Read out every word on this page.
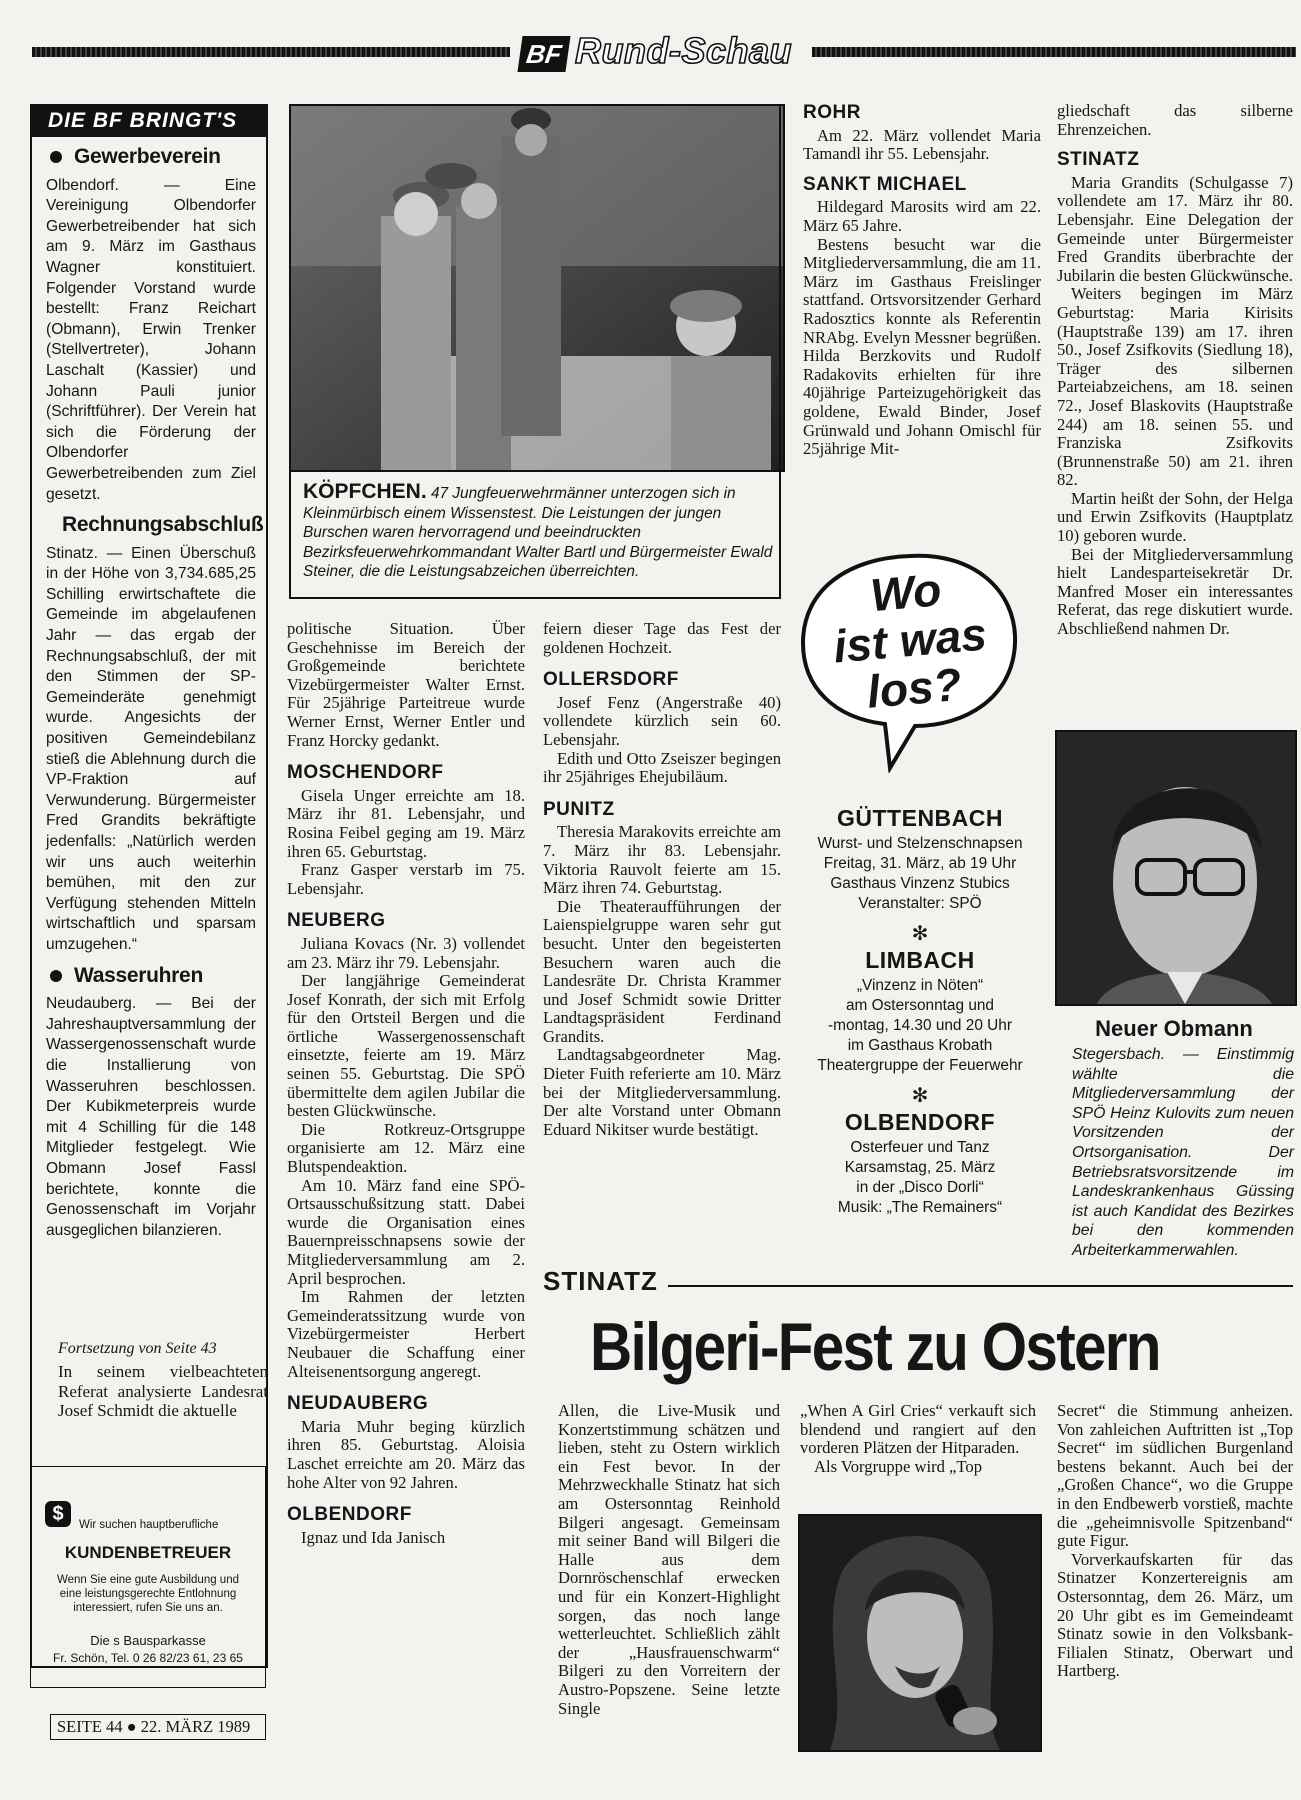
BF Rund-Schau
DIE BF BRINGT'S
Gewerbeverein

Olbendorf. — Eine Vereinigung Olbendorfer Gewerbetreibender hat sich am 9. März im Gasthaus Wagner konstituiert. Folgender Vorstand wurde bestellt: Franz Reichart (Obmann), Erwin Trenker (Stellvertreter), Johann Laschalt (Kassier) und Johann Pauli junior (Schriftführer). Der Verein hat sich die Förderung der Olbendorfer Gewerbetreibenden zum Ziel gesetzt.

Rechnungsabschluß

Stinatz. — Einen Überschuß in der Höhe von 3,734.685,25 Schilling erwirtschaftete die Gemeinde im abgelaufenen Jahr — das ergab der Rechnungsabschluß, der mit den Stimmen der SP-Gemeinderäte genehmigt wurde. Angesichts der positiven Gemeindebilanz stieß die Ablehnung durch die VP-Fraktion auf Verwunderung. Bürgermeister Fred Grandits bekräftigte jedenfalls: „Natürlich werden wir uns auch weiterhin bemühen, mit den zur Verfügung stehenden Mitteln wirtschaftlich und sparsam umzugehen.“

Wasseruhren

Neudauberg. — Bei der Jahreshauptversammlung der Wassergenossenschaft wurde die Installierung von Wasseruhren beschlossen. Der Kubikmeterpreis wurde mit 4 Schilling für die 148 Mitglieder festgelegt. Wie Obmann Josef Fassl berichtete, konnte die Genossenschaft im Vorjahr ausgeglichen bilanzieren.

Fortsetzung von Seite 43
In seinem vielbeachteten Referat analysierte Landesrat Josef Schmidt die aktuelle
$	Wir suchen hauptberufliche
KUNDENBETREUER
Wenn Sie eine gute Ausbildung und eine leistungsgerechte Entlohnung interessiert, rufen Sie uns an.
Die s Bausparkasse
Fr. Schön, Tel. 0 26 82/23 61, 23 65
SEITE 44 ● 22. MÄRZ 1989
KÖPFCHEN. 47 Jungfeuerwehrmänner unterzogen sich in Kleinmürbisch einem Wissenstest. Die Leistungen der jungen Burschen waren hervorragend und beeindruckten Bezirksfeuerwehrkommandant Walter Bartl und Bürgermeister Ewald Steiner, die die Leistungsabzeichen überreichten.

politische Situation. Über Geschehnisse im Bereich der Großgemeinde berichtete Vizebürgermeister Walter Ernst. Für 25jährige Parteitreue wurde Werner Ernst, Werner Entler und Franz Horcky gedankt.

MOSCHENDORF

Gisela Unger erreichte am 18. März ihr 81. Lebensjahr, und Rosina Feibel geging am 19. März ihren 65. Geburtstag.

Franz Gasper verstarb im 75. Lebensjahr.

NEUBERG

Juliana Kovacs (Nr. 3) vollendet am 23. März ihr 79. Lebensjahr.

Der langjährige Gemeinderat Josef Konrath, der sich mit Erfolg für den Ortsteil Bergen und die örtliche Wassergenossenschaft einsetzte, feierte am 19. März seinen 55. Geburtstag. Die SPÖ übermittelte dem agilen Jubilar die besten Glückwünsche.

Die Rotkreuz-Ortsgruppe organisierte am 12. März eine Blutspendeaktion.

Am 10. März fand eine SPÖ-Ortsausschußsitzung statt. Dabei wurde die Organisation eines Bauernpreisschnapsens sowie der Mitgliederversammlung am 2. April besprochen.

Im Rahmen der letzten Gemeinderatssitzung wurde von Vizebürgermeister Herbert Neubauer die Schaffung einer Alteisenentsorgung angeregt.

NEUDAUBERG

Maria Muhr beging kürzlich ihren 85. Geburtstag. Aloisia Laschet erreichte am 20. März das hohe Alter von 92 Jahren.

OLBENDORF

Ignaz und Ida Janisch

feiern dieser Tage das Fest der goldenen Hochzeit.

OLLERSDORF

Josef Fenz (Angerstraße 40) vollendete kürzlich sein 60. Lebensjahr.

Edith und Otto Zseiszer begingen ihr 25jähriges Ehejubiläum.

PUNITZ

Theresia Marakovits erreichte am 7. März ihr 83. Lebensjahr. Viktoria Rauvolt feierte am 15. März ihren 74. Geburtstag.

Die Theateraufführungen der Laienspielgruppe waren sehr gut besucht. Unter den begeisterten Besuchern waren auch die Landesräte Dr. Christa Krammer und Josef Schmidt sowie Dritter Landtagspräsident Ferdinand Grandits.

Landtagsabgeordneter Mag. Dieter Fuith referierte am 10. März bei der Mitgliederversammlung. Der alte Vorstand unter Obmann Eduard Nikitser wurde bestätigt.

ROHR

Am 22. März vollendet Maria Tamandl ihr 55. Lebensjahr.

SANKT MICHAEL

Hildegard Marosits wird am 22. März 65 Jahre.

Bestens besucht war die Mitgliederversammlung, die am 11. März im Gasthaus Freislinger stattfand. Ortsvorsitzender Gerhard Radosztics konnte als Referentin NRAbg. Evelyn Messner begrüßen. Hilda Berzkovits und Rudolf Radakovits erhielten für ihre 40jährige Parteizugehörigkeit das goldene, Ewald Binder, Josef Grünwald und Johann Omischl für 25jährige Mit-

Wo
ist was
los?
GÜTTENBACH
Wurst- und Stelzenschnapsen
Freitag, 31. März, ab 19 Uhr
Gasthaus Vinzenz Stubics
Veranstalter: SPÖ
✻
LIMBACH
„Vinzenz in Nöten“
am Ostersonntag und
-montag, 14.30 und 20 Uhr
im Gasthaus Krobath
Theatergruppe der Feuerwehr
✻
OLBENDORF
Osterfeuer und Tanz
Karsamstag, 25. März
in der „Disco Dorli“
Musik: „The Remainers“

gliedschaft das silberne Ehrenzeichen.

STINATZ

Maria Grandits (Schulgasse 7) vollendete am 17. März ihr 80. Lebensjahr. Eine Delegation der Gemeinde unter Bürgermeister Fred Grandits überbrachte der Jubilarin die besten Glückwünsche.

Weiters begingen im März Geburtstag: Maria Kirisits (Hauptstraße 139) am 17. ihren 50., Josef Zsifkovits (Siedlung 18), Träger des silbernen Parteiabzeichens, am 18. seinen 72., Josef Blaskovits (Hauptstraße 244) am 18. seinen 55. und Franziska Zsifkovits (Brunnenstraße 50) am 21. ihren 82.

Martin heißt der Sohn, der Helga und Erwin Zsifkovits (Hauptplatz 10) geboren wurde.

Bei der Mitgliederversammlung hielt Landesparteisekretär Dr. Manfred Moser ein interessantes Referat, das rege diskutiert wurde. Abschließend nahmen Dr.

Neuer Obmann
Stegersbach. — Einstimmig wählte die Mitgliederversammlung der SPÖ Heinz Kulovits zum neuen Vorsitzenden der Ortsorganisation. Der Betriebsratsvorsitzende im Landeskrankenhaus Güssing ist auch Kandidat des Bezirkes bei den kommenden Arbeiterkammerwahlen.
STINATZ
Bilgeri-Fest zu Ostern

Allen, die Live-Musik und Konzertstimmung schätzen und lieben, steht zu Ostern wirklich ein Fest bevor. In der Mehrzweckhalle Stinatz hat sich am Ostersonntag Reinhold Bilgeri angesagt. Gemeinsam mit seiner Band will Bilgeri die Halle aus dem Dornröschenschlaf erwecken und für ein Konzert-Highlight sorgen, das noch lange wetterleuchtet. Schließlich zählt der „Hausfrauenschwarm“ Bilgeri zu den Vorreitern der Austro-Popszene. Seine letzte Single

„When A Girl Cries“ verkauft sich blendend und rangiert auf den vorderen Plätzen der Hitparaden.

Als Vorgruppe wird „Top

Secret“ die Stimmung anheizen. Von zahleichen Auftritten ist „Top Secret“ im südlichen Burgenland bestens bekannt. Auch bei der „Großen Chance“, wo die Gruppe in den Endbewerb vorstieß, machte die „geheimnisvolle Spitzenband“ gute Figur.

Vorverkaufskarten für das Stinatzer Konzertereignis am Ostersonntag, dem 26. März, um 20 Uhr gibt es im Gemeindeamt Stinatz sowie in den Volksbank-Filialen Stinatz, Oberwart und Hartberg.
